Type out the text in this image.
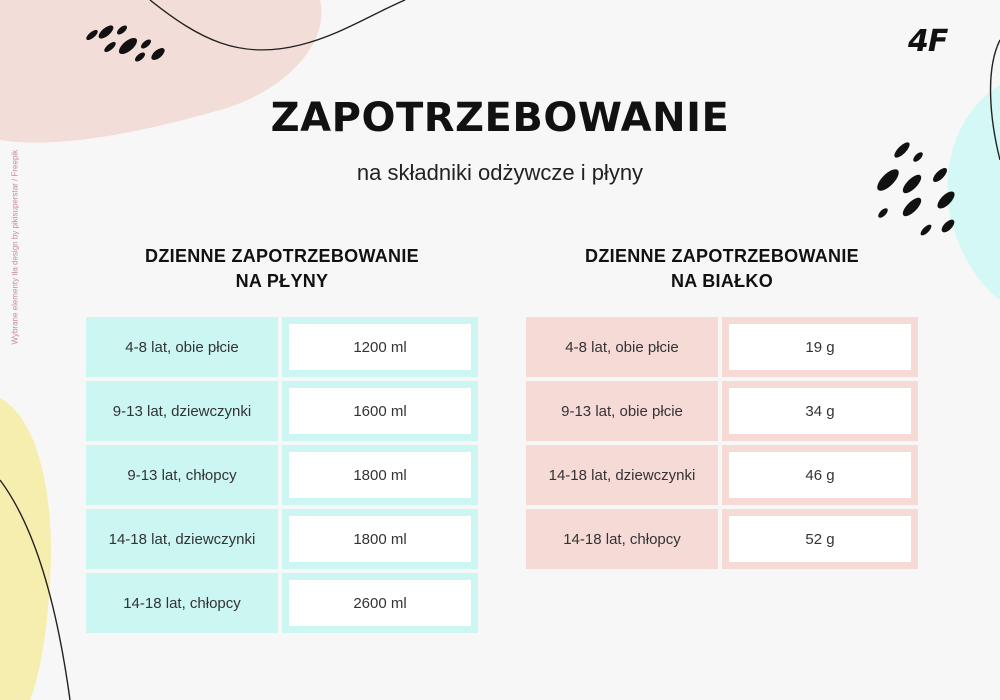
4F
Wybrane elementy tła design by pikisuperstar / Freepik
ZAPOTRZEBOWANIE
na składniki odżywcze i płyny
DZIENNE ZAPOTRZEBOWANIE
NA PŁYNY
4-8 lat, obie płcie	1200 ml
9-13 lat, dziewczynki	1600 ml
9-13 lat, chłopcy	1800 ml
14-18 lat, dziewczynki	1800 ml
14-18 lat, chłopcy	2600 ml
DZIENNE ZAPOTRZEBOWANIE
NA BIAŁKO
4-8 lat, obie płcie	19 g
9-13 lat, obie płcie	34 g
14-18 lat, dziewczynki	46 g
14-18 lat, chłopcy	52 g
